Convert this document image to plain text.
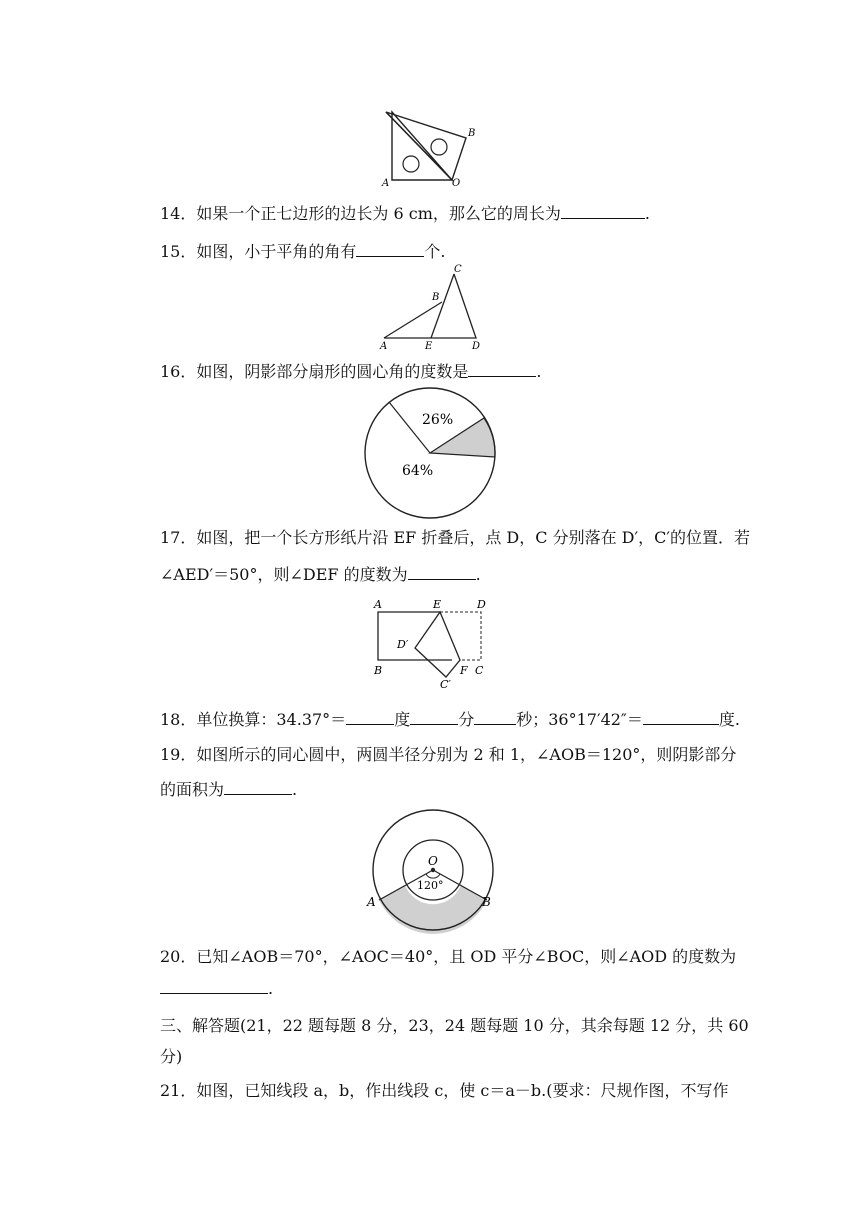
B
A	O
14．如果一个正七边形的边长为 6 cm，那么它的周长为	.
15．如图，小于平角的角有	个.
C
B
A	E	D
16．如图，阴影部分扇形的圆心角的度数是	.
26%
64%
17．如图，把一个长方形纸片沿 EF 折叠后，点 D，C 分别落在 D′，C′的位置．若
∠AED′＝50°，则∠DEF 的度数为	.
A	E	D
D′
B	F C
C′
18．单位换算：34.37°＝	度	分	秒；36°17′42″＝	度.
19．如图所示的同心圆中，两圆半径分别为 2 和 1，∠AOB＝120°，则阴影部分
的面积为	.
O
120°
A	B
20．已知∠AOB＝70°，∠AOC＝40°，且 OD 平分∠BOC，则∠AOD 的度数为
.
三、解答题(21，22 题每题 8 分，23，24 题每题 10 分，其余每题 12 分，共 60
分)
21．如图，已知线段 a，b，作出线段 c，使 c＝a－b.(要求：尺规作图，不写作
